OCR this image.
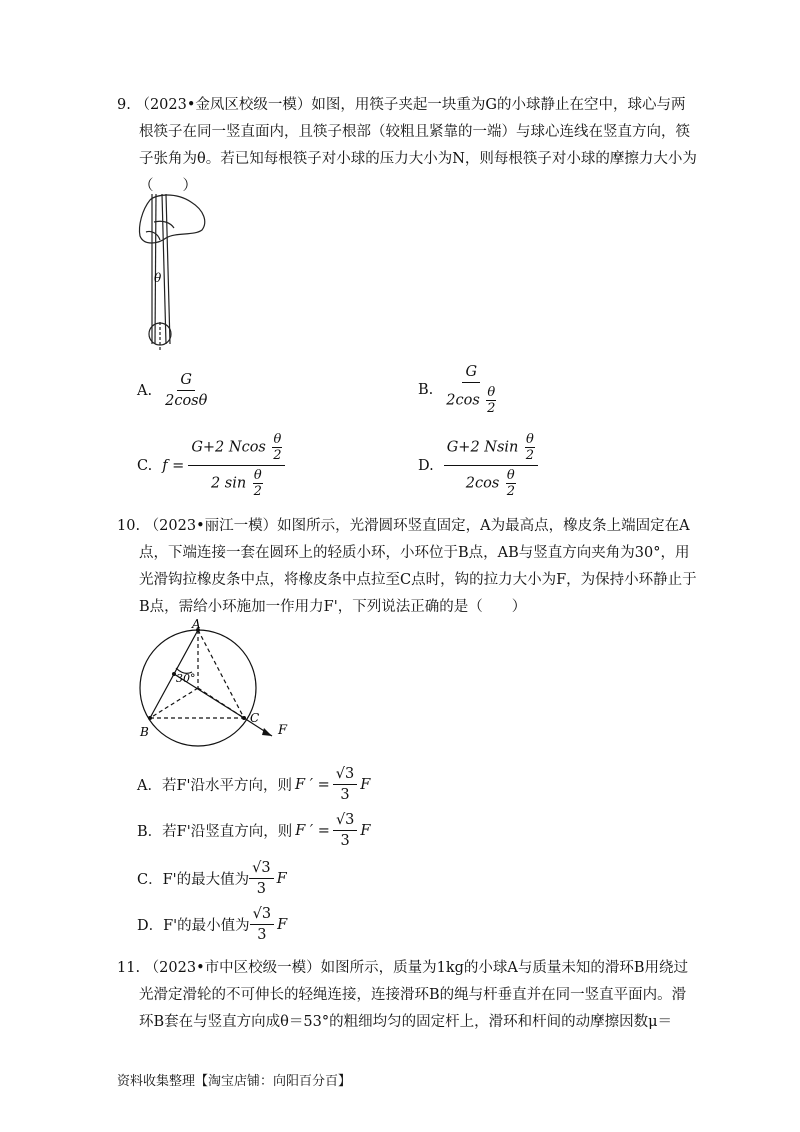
9. （2023•金凤区校级一模）如图，用筷子夹起一块重为G的小球静止在空中，球心与两根筷子在同一竖直面内，且筷子根部（较粗且紧靠的一端）与球心连线在竖直方向，筷子张角为θ。若已知每根筷子对小球的压力大小为N，则每根筷子对小球的摩擦力大小为（　　）

θ
A. $\frac{G}{2\cos\theta}$	B. $\frac{G}{2\cos \frac{\theta}{2}}$
C. $f = \frac{G+2 Ncos \frac{\theta}{2}}{2 \sin \frac{\theta}{2}}$	D. $\frac{G+2 Nsin \frac{\theta}{2}}{2\cos \frac{\theta}{2}}$

10. （2023•丽江一模）如图所示，光滑圆环竖直固定，A为最高点，橡皮条上端固定在A点，下端连接一套在圆环上的轻质小环，小环位于B点，AB与竖直方向夹角为30°，用光滑钩拉橡皮条中点，将橡皮条中点拉至C点时，钩的拉力大小为F，为保持小环静止于B点，需给小环施加一作用力F'，下列说法正确的是（　　）

A
B
C
F
30°
A．若F'沿水平方向，则 F ′ = $\frac{√3}{3}$ F
B．若F'沿竖直方向，则 F ′ = $\frac{√3}{3}$ F
C．F'的最大值为 $\frac{√3}{3}$ F
D．F'的最小值为 $\frac{√3}{3}$ F

11. （2023•市中区校级一模）如图所示，质量为1kg的小球A与质量未知的滑环B用绕过光滑定滑轮的不可伸长的轻绳连接，连接滑环B的绳与杆垂直并在同一竖直平面内。滑环B套在与竖直方向成θ＝53°的粗细均匀的固定杆上，滑环和杆间的动摩擦因数μ＝

资料收集整理【淘宝店铺：向阳百分百】
